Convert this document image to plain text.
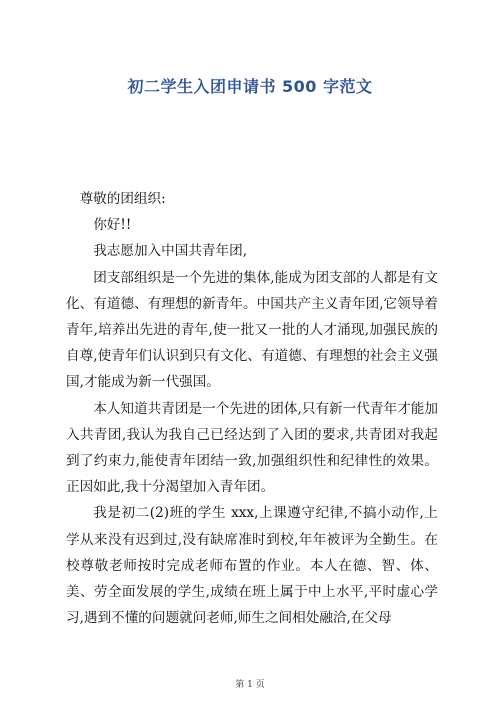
初二学生入团申请书 500 字范文

尊敬的团组织:

你好!!

我志愿加入中国共青年团,

团支部组织是一个先进的集体,能成为团支部的人都是有文化、有道德、有理想的新青年。中国共产主义青年团,它领导着青年,培养出先进的青年,使一批又一批的人才涌现,加强民族的自尊,使青年们认识到只有文化、有道德、有理想的社会主义强国,才能成为新一代强国。

本人知道共青团是一个先进的团体,只有新一代青年才能加入共青团,我认为我自己已经达到了入团的要求,共青团对我起到了约束力,能使青年团结一致,加强组织性和纪律性的效果。正因如此,我十分渴望加入青年团。

我是初二(2)班的学生 xxx,上课遵守纪律,不搞小动作,上学从来没有迟到过,没有缺席准时到校,年年被评为全勤生。在校尊敬老师按时完成老师布置的作业。本人在德、智、体、美、劳全面发展的学生,成绩在班上属于中上水平,平时虚心学习,遇到不懂的问题就问老师,师生之间相处融洽,在父母

第 1 页
